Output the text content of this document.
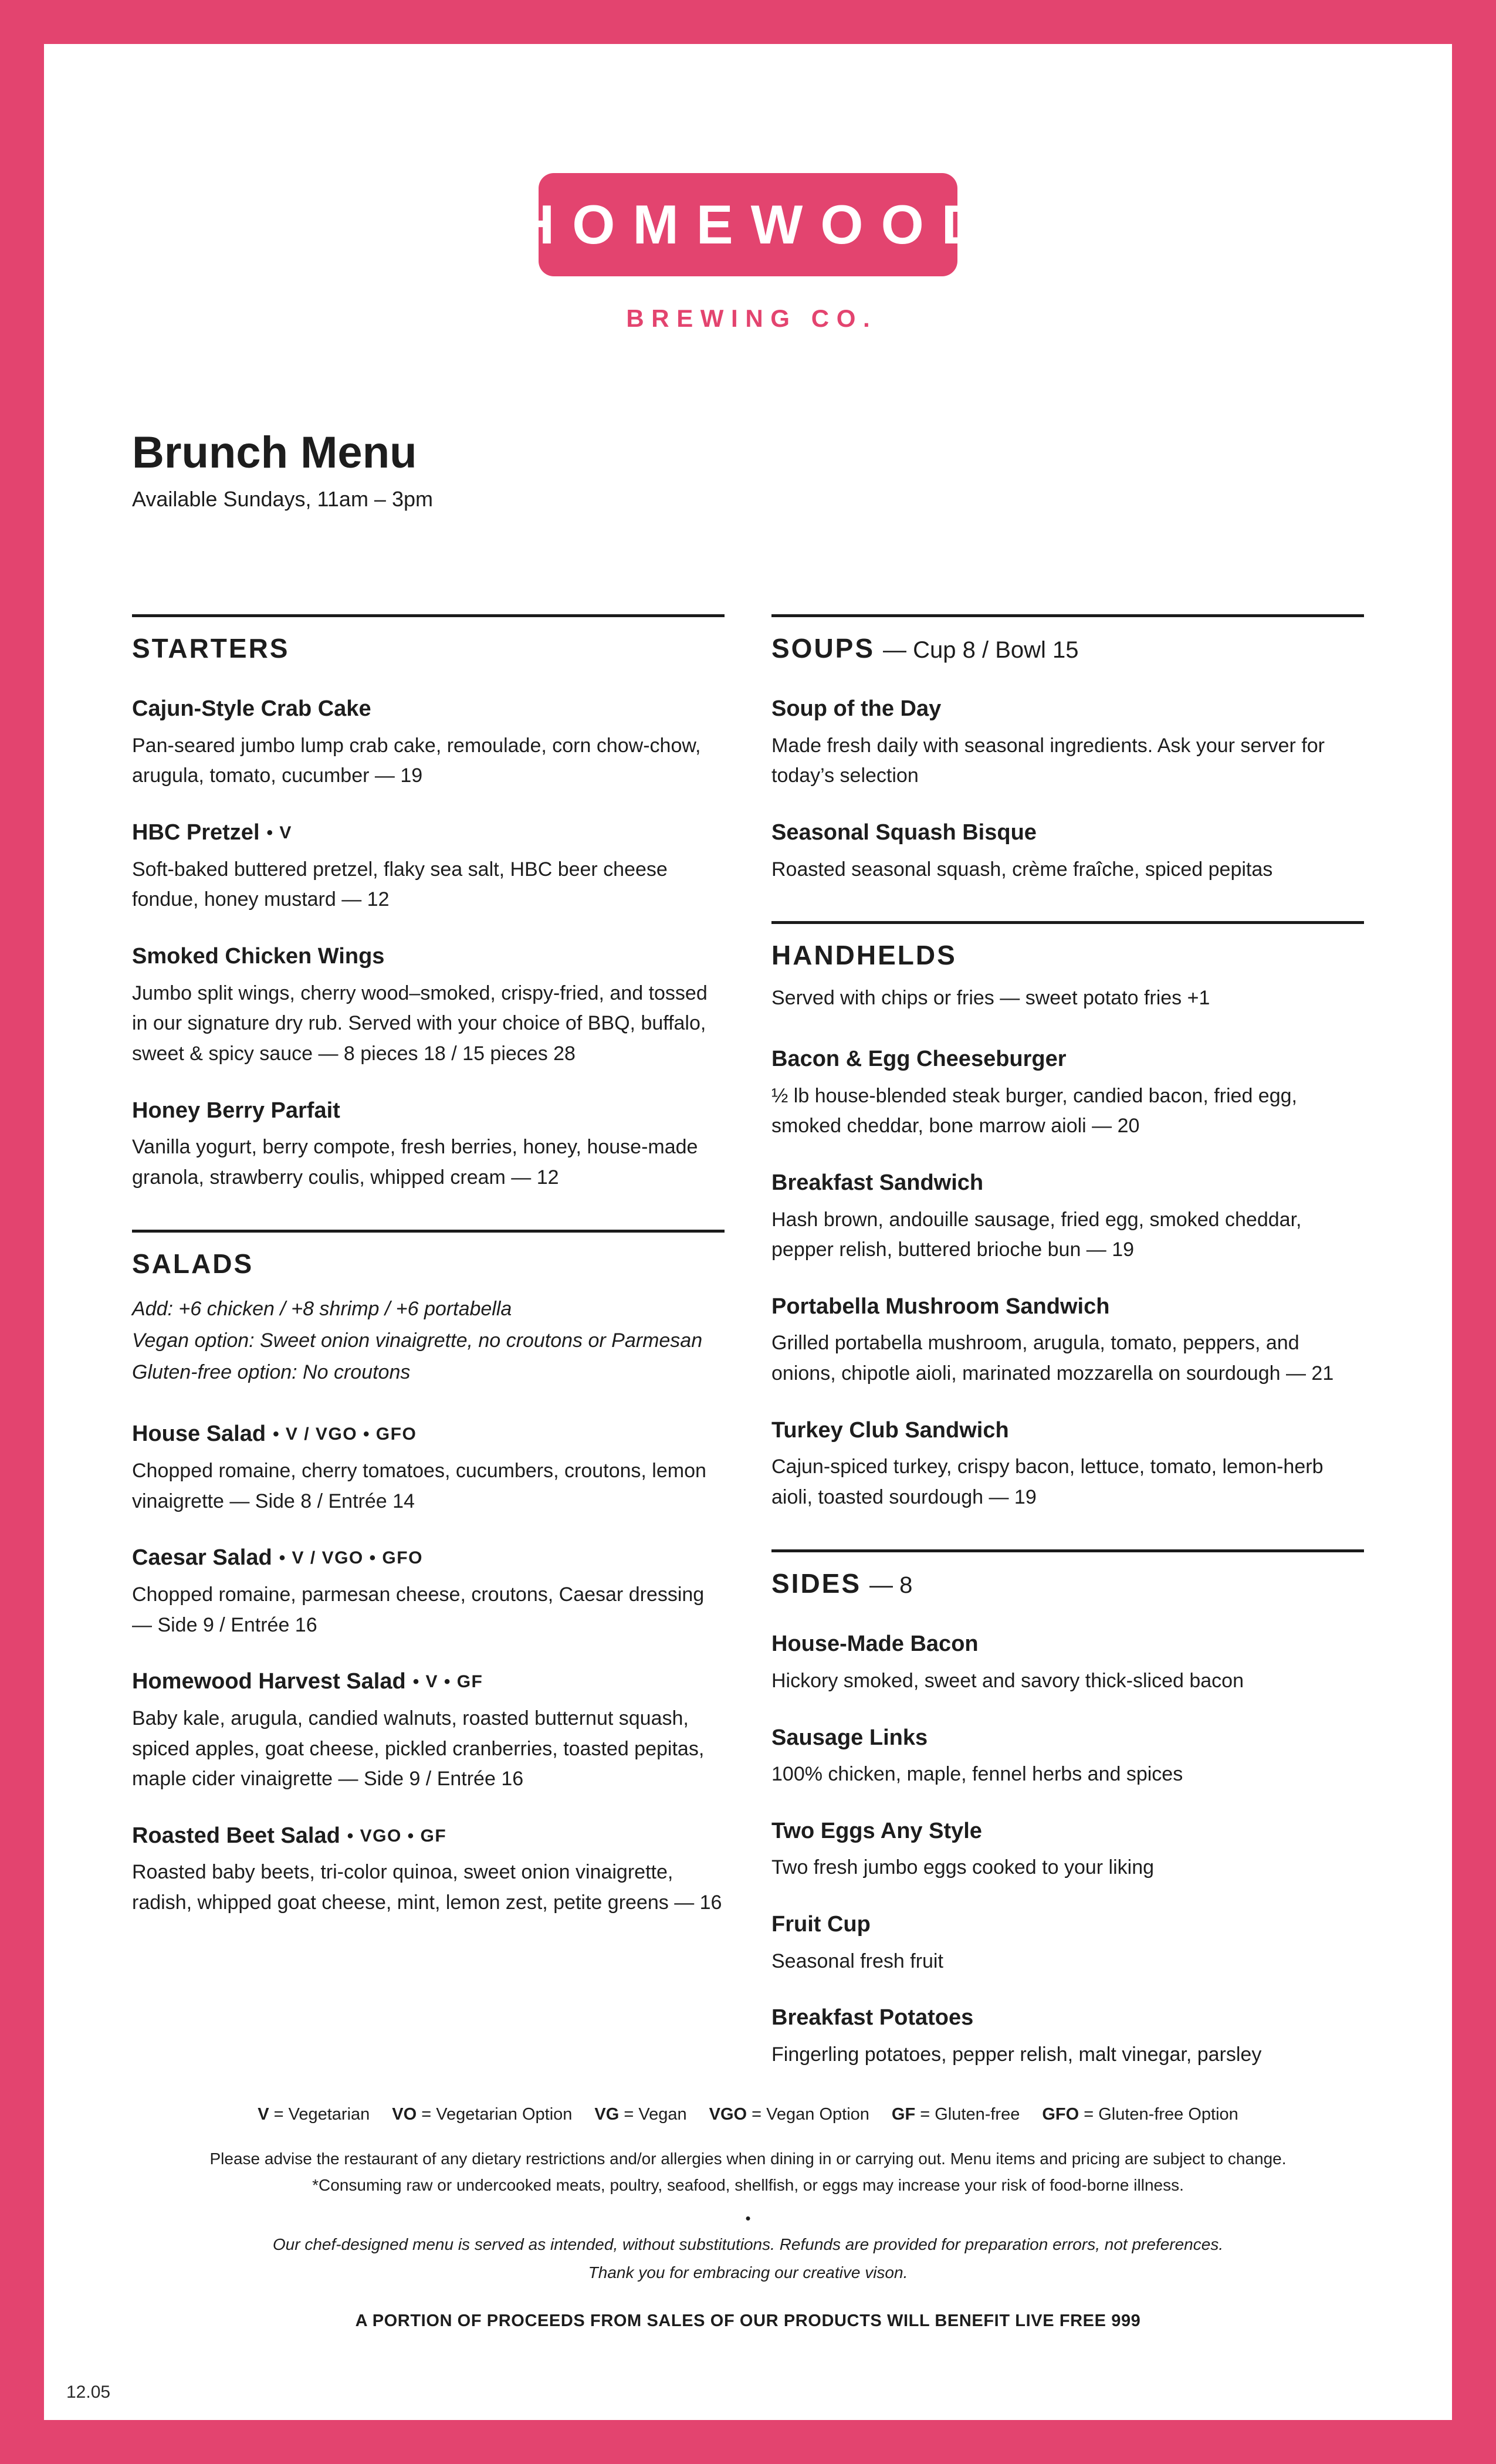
HOMEWOOD
BREWING CO.
Brunch Menu

Available Sundays, 11am – 3pm

STARTERS
Cajun-Style Crab Cake

Pan-seared jumbo lump crab cake, remoulade, corn chow-chow, arugula, tomato, cucumber — 19

HBC Pretzel • V

Soft-baked buttered pretzel, flaky sea salt, HBC beer cheese fondue, honey mustard — 12

Smoked Chicken Wings

Jumbo split wings, cherry wood–smoked, crispy-fried, and tossed in our signature dry rub. Served with your choice of BBQ, buffalo, sweet & spicy sauce — 8 pieces 18 / 15 pieces 28

Honey Berry Parfait

Vanilla yogurt, berry compote, fresh berries, honey, house-made granola, strawberry coulis, whipped cream — 12

SALADS

Add: +6 chicken / +8 shrimp / +6 portabella

Vegan option: Sweet onion vinaigrette, no croutons or Parmesan

Gluten-free option: No croutons

House Salad • V / VGO • GFO

Chopped romaine, cherry tomatoes, cucumbers, croutons, lemon vinaigrette — Side 8 / Entrée 14

Caesar Salad • V / VGO • GFO

Chopped romaine, parmesan cheese, croutons, Caesar dressing — Side 9 / Entrée 16

Homewood Harvest Salad • V • GF

Baby kale, arugula, candied walnuts, roasted butternut squash, spiced apples, goat cheese, pickled cranberries, toasted pepitas, maple cider vinaigrette — Side 9 / Entrée 16

Roasted Beet Salad • VGO • GF

Roasted baby beets, tri-color quinoa, sweet onion vinaigrette, radish, whipped goat cheese, mint, lemon zest, petite greens — 16

SOUPS — Cup 8 / Bowl 15
Soup of the Day

Made fresh daily with seasonal ingredients. Ask your server for today’s selection

Seasonal Squash Bisque

Roasted seasonal squash, crème fraîche, spiced pepitas

HANDHELDS

Served with chips or fries — sweet potato fries +1

Bacon & Egg Cheeseburger

½ lb house-blended steak burger, candied bacon, fried egg, smoked cheddar, bone marrow aioli — 20

Breakfast Sandwich

Hash brown, andouille sausage, fried egg, smoked cheddar, pepper relish, buttered brioche bun — 19

Portabella Mushroom Sandwich

Grilled portabella mushroom, arugula, tomato, peppers, and onions, chipotle aioli, marinated mozzarella on sourdough — 21

Turkey Club Sandwich

Cajun-spiced turkey, crispy bacon, lettuce, tomato, lemon-herb aioli, toasted sourdough — 19

SIDES — 8
House-Made Bacon

Hickory smoked, sweet and savory thick-sliced bacon

Sausage Links

100% chicken, maple, fennel herbs and spices

Two Eggs Any Style

Two fresh jumbo eggs cooked to your liking

Fruit Cup

Seasonal fresh fruit

Breakfast Potatoes

Fingerling potatoes, pepper relish, malt vinegar, parsley

V = Vegetarian VO = Vegetarian Option VG = Vegan VGO = Vegan Option GF = Gluten-free GFO = Gluten-free Option

Please advise the restaurant of any dietary restrictions and/or allergies when dining in or carrying out. Menu items and pricing are subject to change.

*Consuming raw or undercooked meats, poultry, seafood, shellfish, or eggs may increase your risk of food-borne illness.

•

Our chef-designed menu is served as intended, without substitutions. Refunds are provided for preparation errors, not preferences.

Thank you for embracing our creative vison.

A PORTION OF PROCEEDS FROM SALES OF OUR PRODUCTS WILL BENEFIT LIVE FREE 999

12.05
